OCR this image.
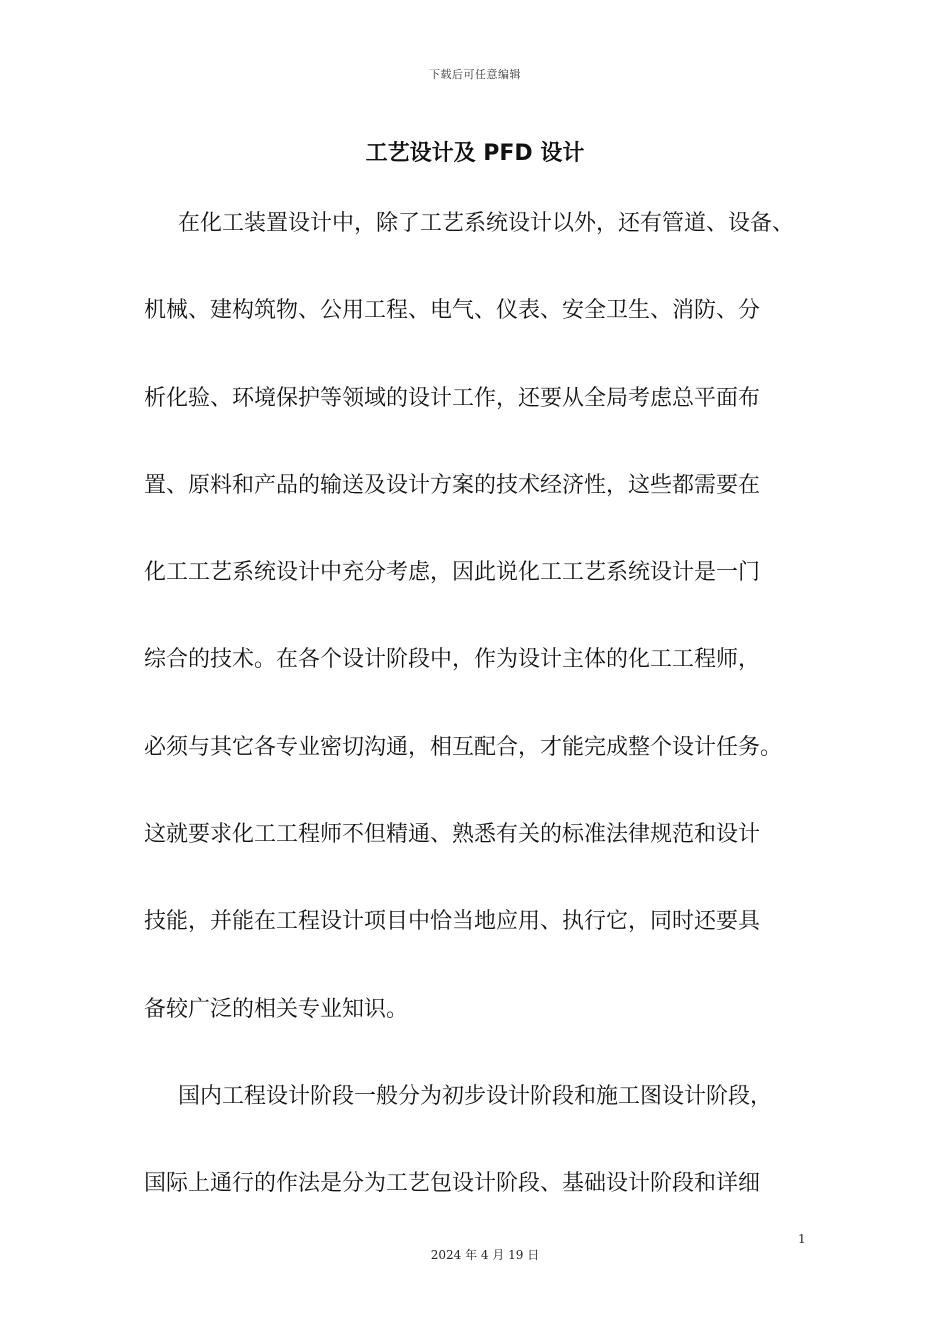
下载后可任意编辑
工艺设计及 PFD 设计
在化工装置设计中，除了工艺系统设计以外，还有管道、设备、
机械、建构筑物、公用工程、电气、仪表、安全卫生、消防、分
析化验、环境保护等领域的设计工作，还要从全局考虑总平面布
置、原料和产品的输送及设计方案的技术经济性，这些都需要在
化工工艺系统设计中充分考虑，因此说化工工艺系统设计是一门
综合的技术。在各个设计阶段中，作为设计主体的化工工程师，
必须与其它各专业密切沟通，相互配合，才能完成整个设计任务。
这就要求化工工程师不但精通、熟悉有关的标准法律规范和设计
技能，并能在工程设计项目中恰当地应用、执行它，同时还要具
备较广泛的相关专业知识。
国内工程设计阶段一般分为初步设计阶段和施工图设计阶段，
国际上通行的作法是分为工艺包设计阶段、基础设计阶段和详细
1
2024 年 4 月 19 日
